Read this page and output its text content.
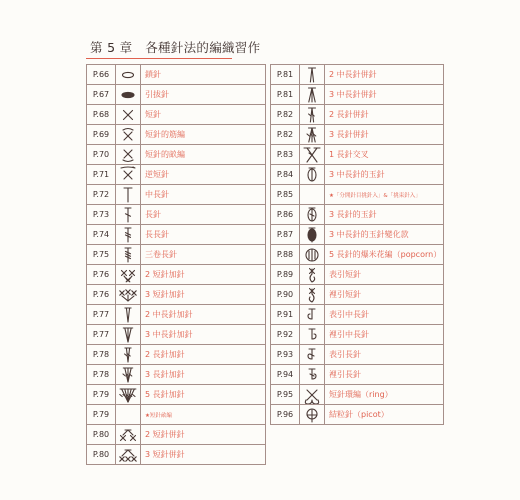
第 5 章　各種針法的編織習作
P.66		鎖針
P.67		引拔針
P.68		短針
P.69		短針的筋編
P.70		短針的畝編
P.71		逆短針
P.72		中長針
P.73		長針
P.74		長長針
P.75		三卷長針
P.76		2 短針加針
P.76		3 短針加針
P.77		2 中長針加針
P.77		3 中長針加針
P.78		2 長針加針
P.78		3 長針加針
P.79		5 長針加針
P.79		★短針畝編
P.80		2 短針併針
P.80		3 短針併針
P.81		2 中長針併針
P.81		3 中長針併針
P.82		2 長針併針
P.82		3 長針併針
P.83		1 長針交叉
P.84		3 中長針的玉針
P.85		★「分開針目挑針入」&「挑束針入」
P.86		3 長針的玉針
P.87		3 中長針的玉針變化款
P.88		5 長針的爆米花編（popcorn）
P.89		表引短針
P.90		裡引短針
P.91		表引中長針
P.92		裡引中長針
P.93		表引長針
P.94		裡引長針
P.95		短針環編（ring）
P.96		結粒針（picot）
